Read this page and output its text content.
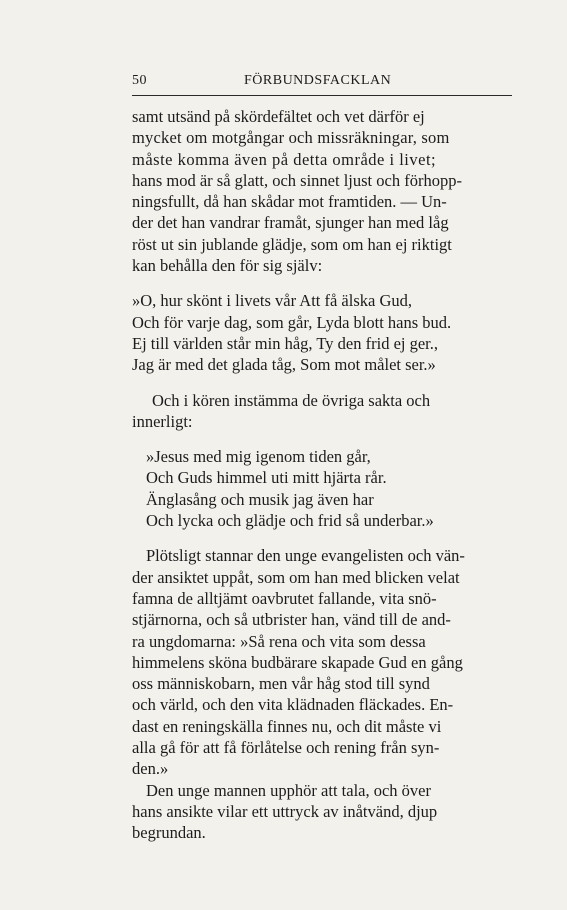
50	FÖRBUNDSFACKLAN
samt utsänd på skördefältet och vet därför ej
mycket om motgångar och missräkningar, som
måste komma även på detta område i livet;
hans mod är så glatt, och sinnet ljust och förhopp-
ningsfullt, då han skådar mot framtiden. — Un-
der det han vandrar framåt, sjunger han med låg
röst ut sin jublande glädje, som om han ej riktigt
kan behålla den för sig själv:
»O, hur skönt i livets vår Att få älska Gud,
Och för varje dag, som går, Lyda blott hans bud.
Ej till världen står min håg, Ty den frid ej ger.,
Jag är med det glada tåg, Som mot målet ser.»
Och i kören instämma de övriga sakta och
innerligt:
»Jesus med mig igenom tiden går,
Och Guds himmel uti mitt hjärta rår.
Änglasång och musik jag även har
Och lycka och glädje och frid så underbar.»
Plötsligt stannar den unge evangelisten och vän-
der ansiktet uppåt, som om han med blicken velat
famna de alltjämt oavbrutet fallande, vita snö-
stjärnorna, och så utbrister han, vänd till de and-
ra ungdomarna: »Så rena och vita som dessa
himmelens sköna budbärare skapade Gud en gång
oss människobarn, men vår håg stod till synd
och värld, och den vita klädnaden fläckades. En-
dast en reningskälla finnes nu, och dit måste vi
alla gå för att få förlåtelse och rening från syn-
den.»
Den unge mannen upphör att tala, och över
hans ansikte vilar ett uttryck av inåtvänd, djup
begrundan.
